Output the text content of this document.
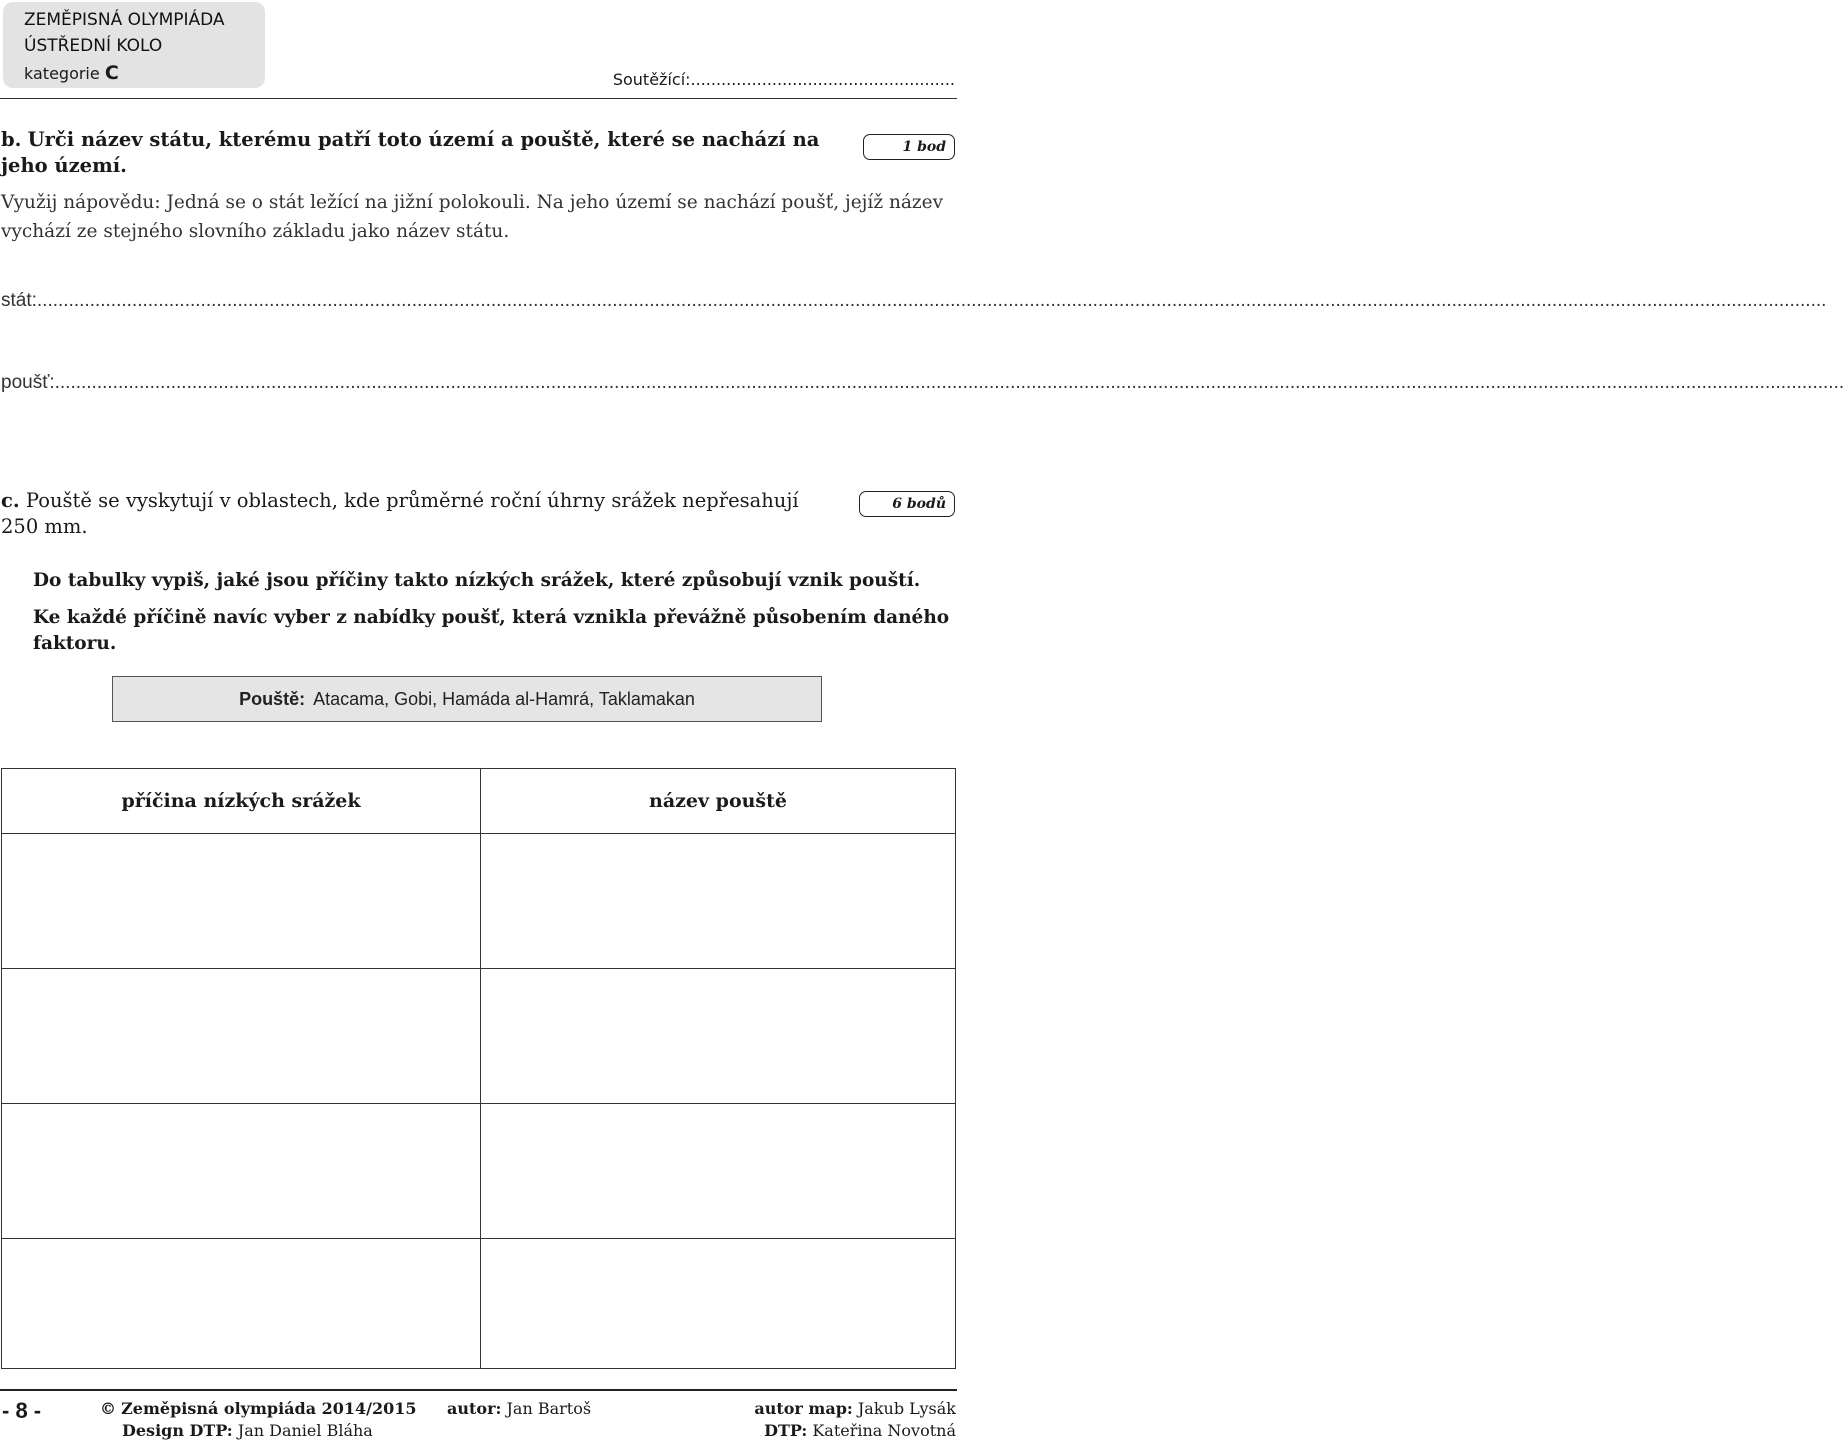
ZEMĚPISNÁ OLYMPIÁDA
ÚSTŘEDNÍ KOLO
kategorie C	Soutěžící:....................................................
b. Urči název státu, kterému patří toto území a pouště, které se nachází na jeho území.
1 bod
Využij nápovědu: Jedná se o stát ležící na jižní polokouli. Na jeho území se nachází poušť, jejíž název vychází ze stejného slovního základu jako název státu.
stát:...................................................................................................................................................................................................................................................................................................................................................
poušť:...................................................................................................................................................................................................................................................................................................................................................
c. Pouště se vyskytují v oblastech, kde průměrné roční úhrny srážek nepřesahují 250 mm.
6 bodů
Do tabulky vypiš, jaké jsou příčiny takto nízkých srážek, které způsobují vznik pouští.
Ke každé příčině navíc vyber z nabídky poušť, která vznikla převážně působením daného faktoru.
Pouště: Atacama, Gobi, Hamáda al-Hamrá, Taklamakan
příčina nízkých srážek	název pouště

- 8 -	© Zeměpisná olympiáda 2014/2015
Design DTP: Jan Daniel Bláha
autor: Jan Bartoš	autor map: Jakub Lysák
DTP: Kateřina Novotná
